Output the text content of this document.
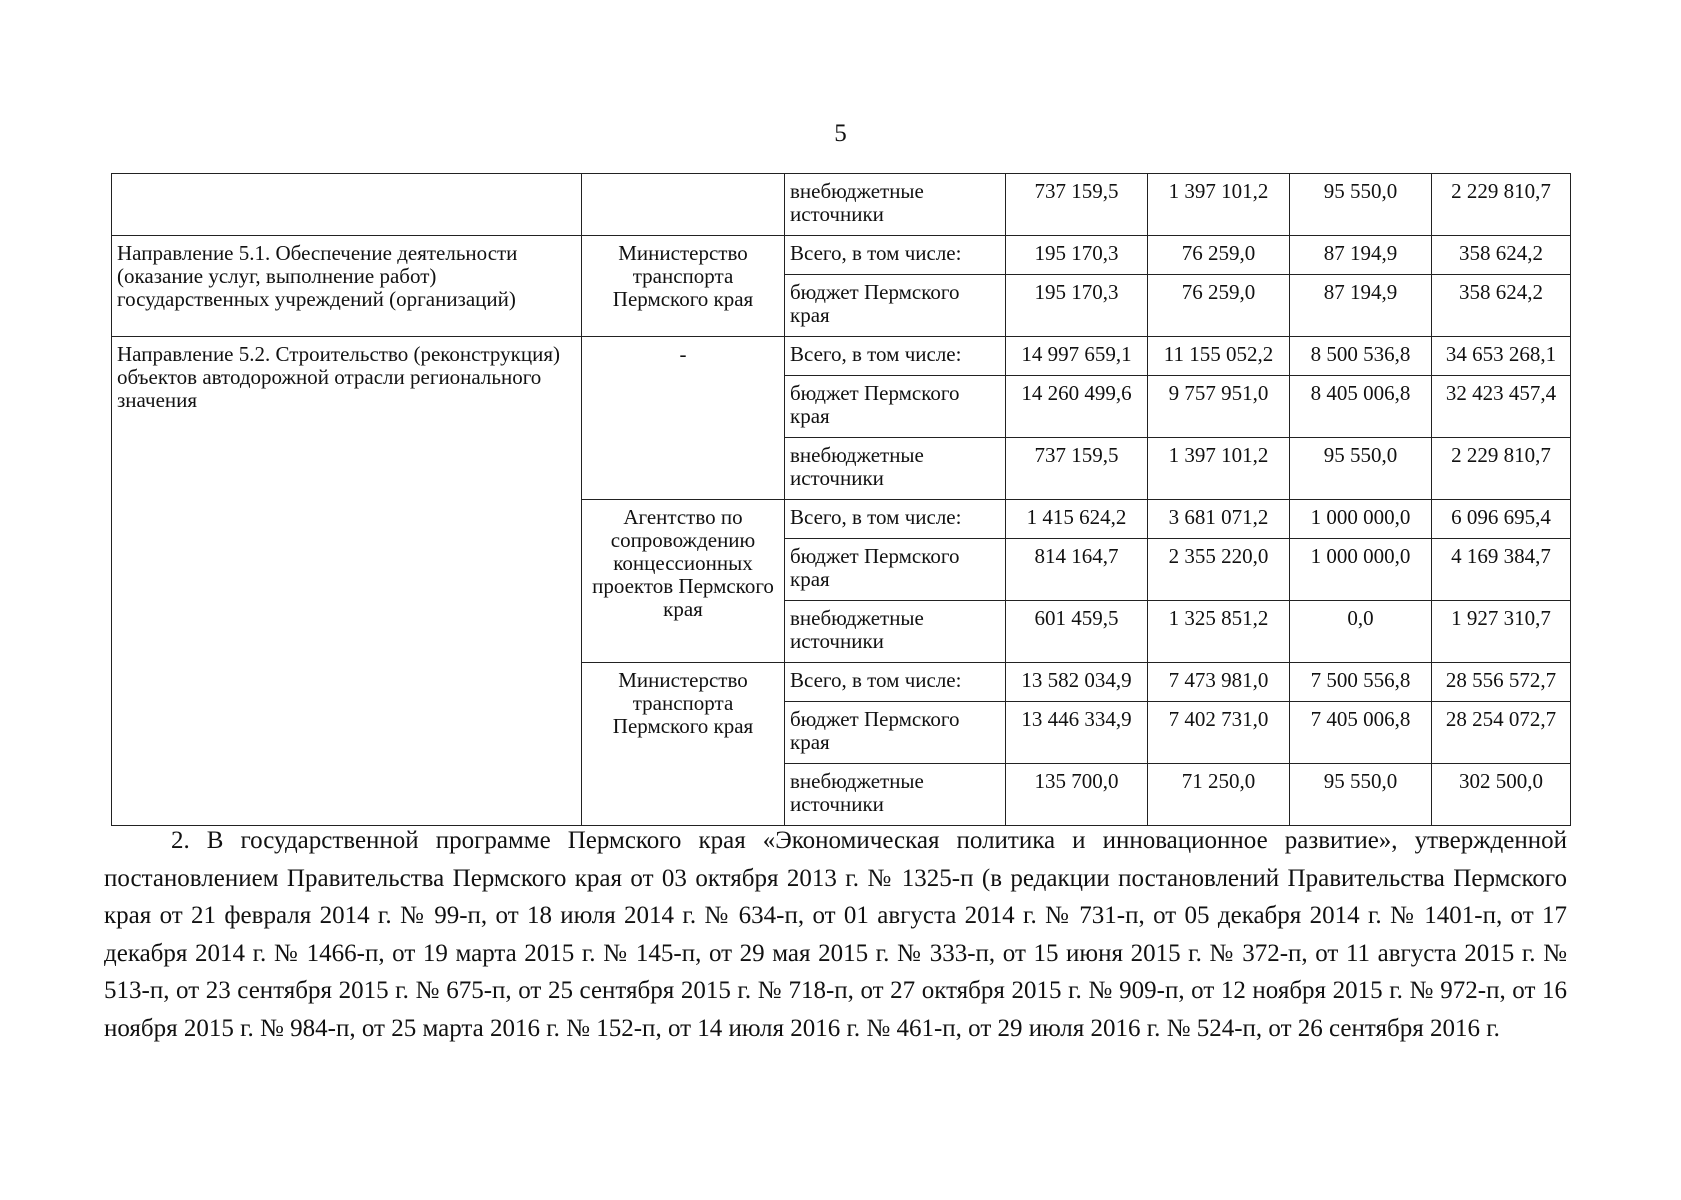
5
		внебюджетные источники	737 159,5	1 397 101,2	95 550,0	2 229 810,7
Направление 5.1. Обеспечение деятельности (оказание услуг, выполнение работ) государственных учреждений (организаций)	Министерство транспорта Пермского края	Всего, в том числе:	195 170,3	76 259,0	87 194,9	358 624,2
		бюджет Пермского края	195 170,3	76 259,0	87 194,9	358 624,2
Направление 5.2. Строительство (реконструкция) объектов автодорожной отрасли регионального значения	-	Всего, в том числе:	14 997 659,1	11 155 052,2	8 500 536,8	34 653 268,1
		бюджет Пермского края	14 260 499,6	9 757 951,0	8 405 006,8	32 423 457,4
		внебюджетные источники	737 159,5	1 397 101,2	95 550,0	2 229 810,7
	Агентство по сопровождению концессионных проектов Пермского края	Всего, в том числе:	1 415 624,2	3 681 071,2	1 000 000,0	6 096 695,4
		бюджет Пермского края	814 164,7	2 355 220,0	1 000 000,0	4 169 384,7
		внебюджетные источники	601 459,5	1 325 851,2	0,0	1 927 310,7
	Министерство транспорта Пермского края	Всего, в том числе:	13 582 034,9	7 473 981,0	7 500 556,8	28 556 572,7
		бюджет Пермского края	13 446 334,9	7 402 731,0	7 405 006,8	28 254 072,7
		внебюджетные источники	135 700,0	71 250,0	95 550,0	302 500,0

2. В государственной программе Пермского края «Экономическая политика и инновационное развитие», утвержденной постановлением Правительства Пермского края от 03 октября 2013 г. № 1325-п (в редакции постановлений Правительства Пермского края от 21 февраля 2014 г. № 99-п, от 18 июля 2014 г. № 634-п, от 01 августа 2014 г. № 731-п, от 05 декабря 2014 г. № 1401-п, от 17 декабря 2014 г. № 1466-п, от 19 марта 2015 г. № 145-п, от 29 мая 2015 г. № 333-п, от 15 июня 2015 г. № 372-п, от 11 августа 2015 г. № 513-п, от 23 сентября 2015 г. № 675-п, от 25 сентября 2015 г. № 718-п, от 27 октября 2015 г. № 909-п, от 12 ноября 2015 г. № 972-п, от 16 ноября 2015 г. № 984-п, от 25 марта 2016 г. № 152-п, от 14 июля 2016 г. № 461-п, от 29 июля 2016 г. № 524-п, от 26 сентября 2016 г.
